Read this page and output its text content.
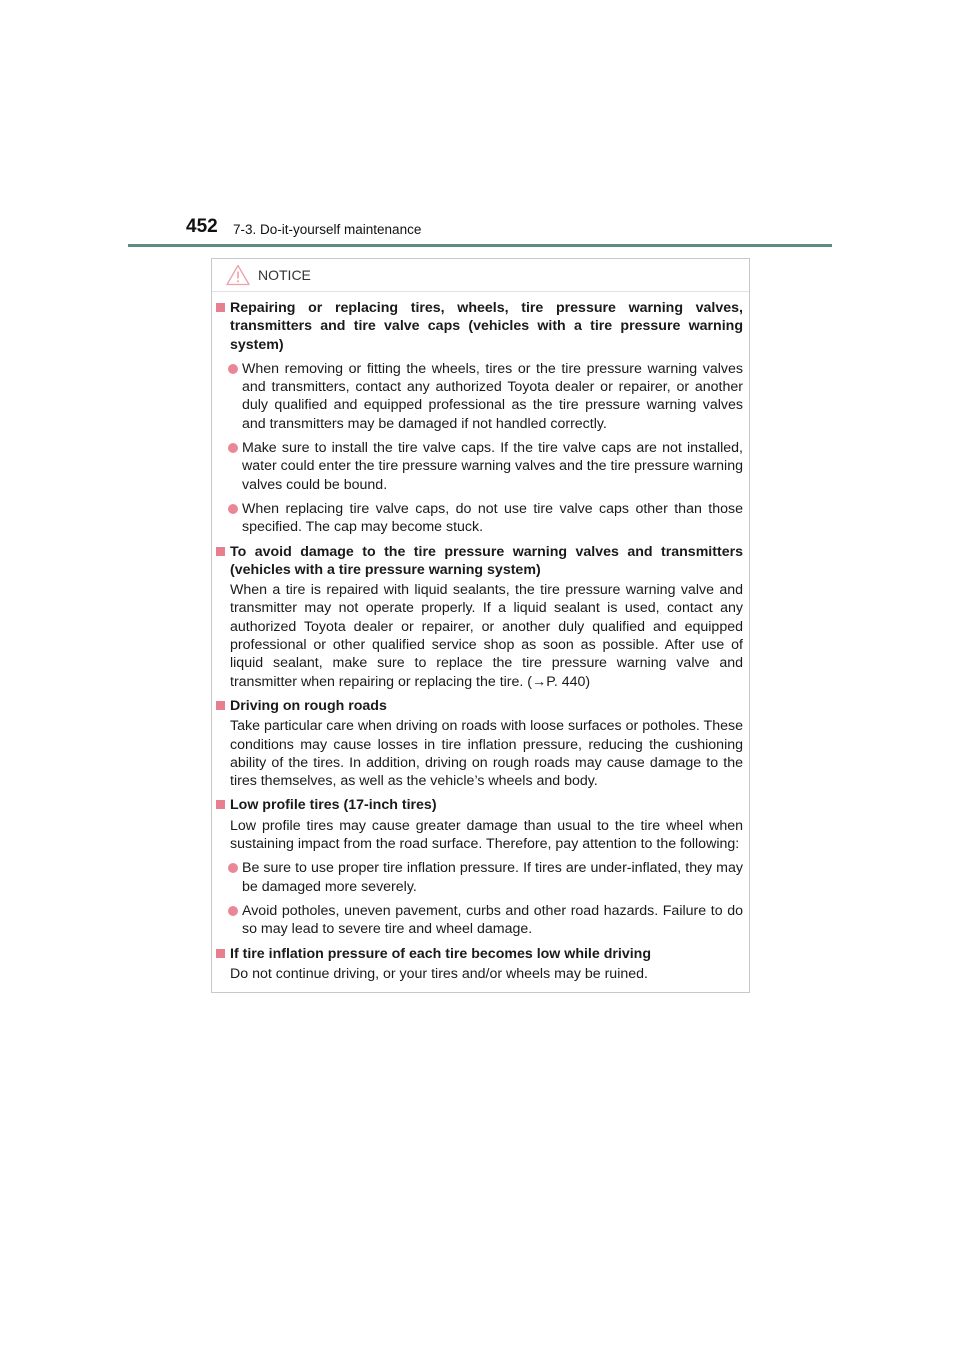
452 7-3. Do-it-yourself maintenance
NOTICE
Repairing or replacing tires, wheels, tire pressure warning valves, transmitters and tire valve caps (vehicles with a tire pressure warning system)
When removing or fitting the wheels, tires or the tire pressure warning valves and transmitters, contact any authorized Toyota dealer or repairer, or another duly qualified and equipped professional as the tire pressure warning valves and transmitters may be damaged if not handled correctly.
Make sure to install the tire valve caps. If the tire valve caps are not installed, water could enter the tire pressure warning valves and the tire pressure warning valves could be bound.
When replacing tire valve caps, do not use tire valve caps other than those specified. The cap may become stuck.
To avoid damage to the tire pressure warning valves and transmitters (vehicles with a tire pressure warning system)
When a tire is repaired with liquid sealants, the tire pressure warning valve and transmitter may not operate properly. If a liquid sealant is used, contact any authorized Toyota dealer or repairer, or another duly qualified and equipped professional or other qualified service shop as soon as possible. After use of liquid sealant, make sure to replace the tire pressure warning valve and transmitter when repairing or replacing the tire. (→P. 440)
Driving on rough roads
Take particular care when driving on roads with loose surfaces or potholes. These conditions may cause losses in tire inflation pressure, reducing the cushioning ability of the tires. In addition, driving on rough roads may cause damage to the tires themselves, as well as the vehicle’s wheels and body.
Low profile tires (17-inch tires)
Low profile tires may cause greater damage than usual to the tire wheel when sustaining impact from the road surface. Therefore, pay attention to the following:
Be sure to use proper tire inflation pressure. If tires are under-inflated, they may be damaged more severely.
Avoid potholes, uneven pavement, curbs and other road hazards. Failure to do so may lead to severe tire and wheel damage.
If tire inflation pressure of each tire becomes low while driving
Do not continue driving, or your tires and/or wheels may be ruined.
